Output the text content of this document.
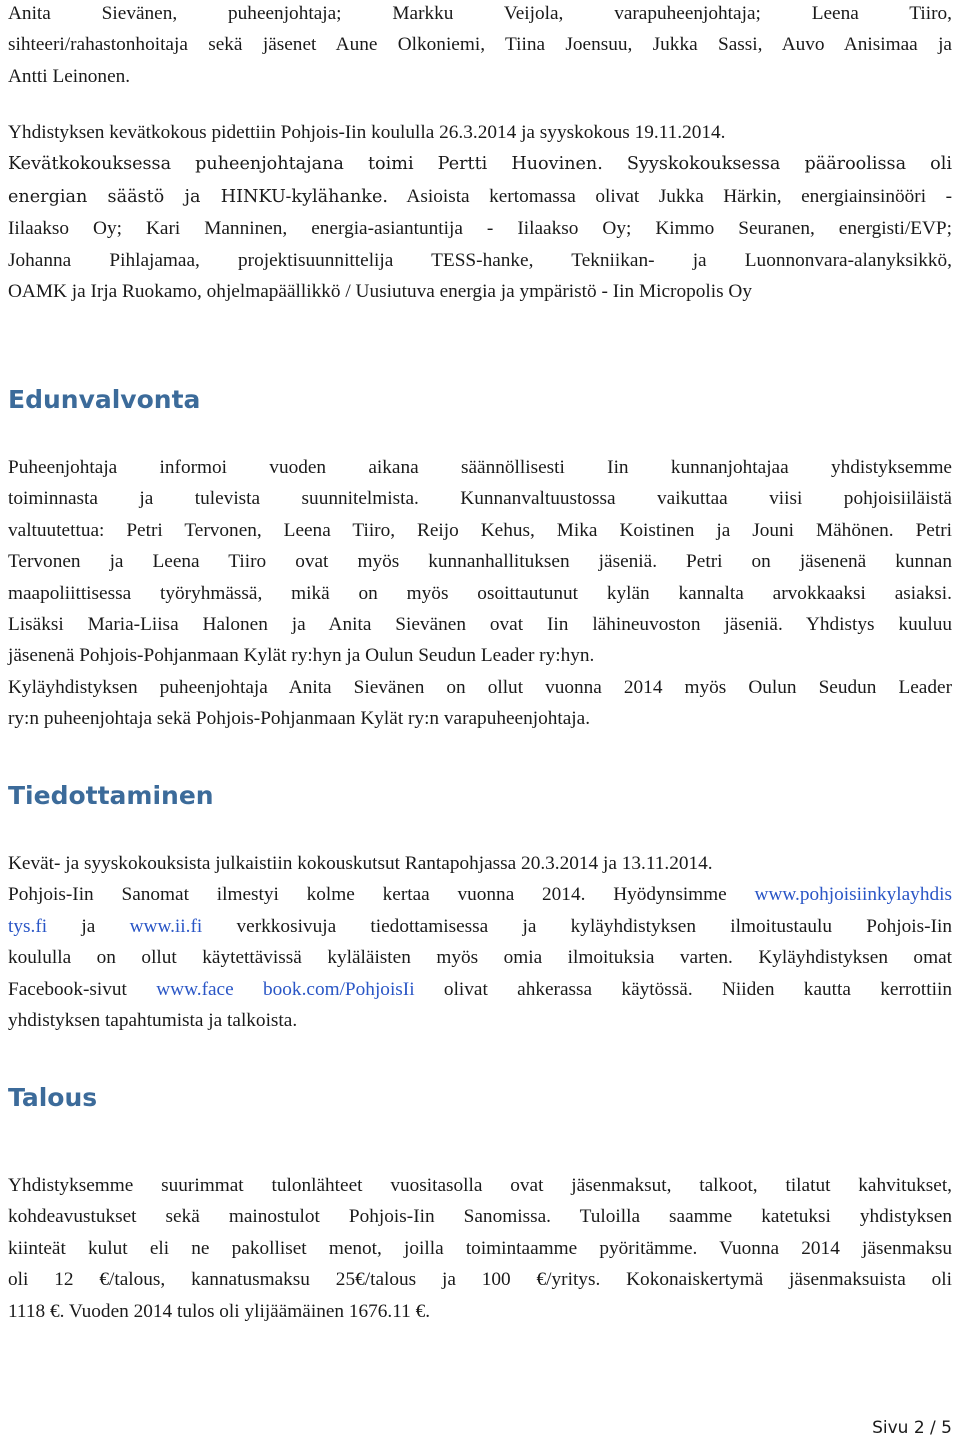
Anita Sievänen, puheenjohtaja; Markku Veijola, varapuheenjohtaja; Leena Tiiro,
sihteeri/rahastonhoitaja sekä jäsenet Aune Olkoniemi, Tiina Joensuu, Jukka Sassi, Auvo Anisimaa ja
Antti Leinonen.

Yhdistyksen kevätkokous pidettiin Pohjois-Iin koululla 26.3.2014 ja syyskokous 19.11.2014.
Kevätkokouksessa puheenjohtajana toimi Pertti Huovinen. Syyskokouksessa pääroolissa oli
energian säästö ja HINKU-kylähanke. Asioista kertomassa olivat Jukka Härkin, energiainsinööri -
Iilaakso Oy; Kari Manninen, energia-asiantuntija - Iilaakso Oy; Kimmo Seuranen, energisti/EVP;
Johanna Pihlajamaa, projektisuunnittelija TESS-hanke, Tekniikan- ja Luonnonvara-alanyksikkö,
OAMK ja Irja Ruokamo, ohjelmapäällikkö / Uusiutuva energia ja ympäristö - Iin Micropolis Oy

Edunvalvonta

Puheenjohtaja informoi vuoden aikana säännöllisesti Iin kunnanjohtajaa yhdistyksemme
toiminnasta ja tulevista suunnitelmista. Kunnanvaltuustossa vaikuttaa viisi pohjoisiiläistä
valtuutettua: Petri Tervonen, Leena Tiiro, Reijo Kehus, Mika Koistinen ja Jouni Mähönen. Petri
Tervonen ja Leena Tiiro ovat myös kunnanhallituksen jäseniä. Petri on jäsenenä kunnan
maapoliittisessa työryhmässä, mikä on myös osoittautunut kylän kannalta arvokkaaksi asiaksi.
Lisäksi Maria-Liisa Halonen ja Anita Sievänen ovat Iin lähineuvoston jäseniä. Yhdistys kuuluu
jäsenenä Pohjois-Pohjanmaan Kylät ry:hyn ja Oulun Seudun Leader ry:hyn.
Kyläyhdistyksen puheenjohtaja Anita Sievänen on ollut vuonna 2014 myös Oulun Seudun Leader
ry:n puheenjohtaja sekä Pohjois-Pohjanmaan Kylät ry:n varapuheenjohtaja.

Tiedottaminen

Kevät- ja syyskokouksista julkaistiin kokouskutsut Rantapohjassa 20.3.2014 ja 13.11.2014.
Pohjois-Iin Sanomat ilmestyi kolme kertaa vuonna 2014. Hyödynsimme www.pohjoisiinkylayhdis
tys.fi ja www.ii.fi verkkosivuja tiedottamisessa ja kyläyhdistyksen ilmoitustaulu Pohjois-Iin
koululla on ollut käytettävissä kyläläisten myös omia ilmoituksia varten. Kyläyhdistyksen omat
Facebook-sivut www.face book.com/PohjoisIi olivat ahkerassa käytössä. Niiden kautta kerrottiin
yhdistyksen tapahtumista ja talkoista.

Talous

Yhdistyksemme suurimmat tulonlähteet vuositasolla ovat jäsenmaksut, talkoot, tilatut kahvitukset,
kohdeavustukset sekä mainostulot Pohjois-Iin Sanomissa. Tuloilla saamme katetuksi yhdistyksen
kiinteät kulut eli ne pakolliset menot, joilla toimintaamme pyöritämme. Vuonna 2014 jäsenmaksu
oli 12 €/talous, kannatusmaksu 25€/talous ja 100 €/yritys. Kokonaiskertymä jäsenmaksuista oli
1118 €. Vuoden 2014 tulos oli ylijäämäinen 1676.11 €.

Sivu 2 / 5
